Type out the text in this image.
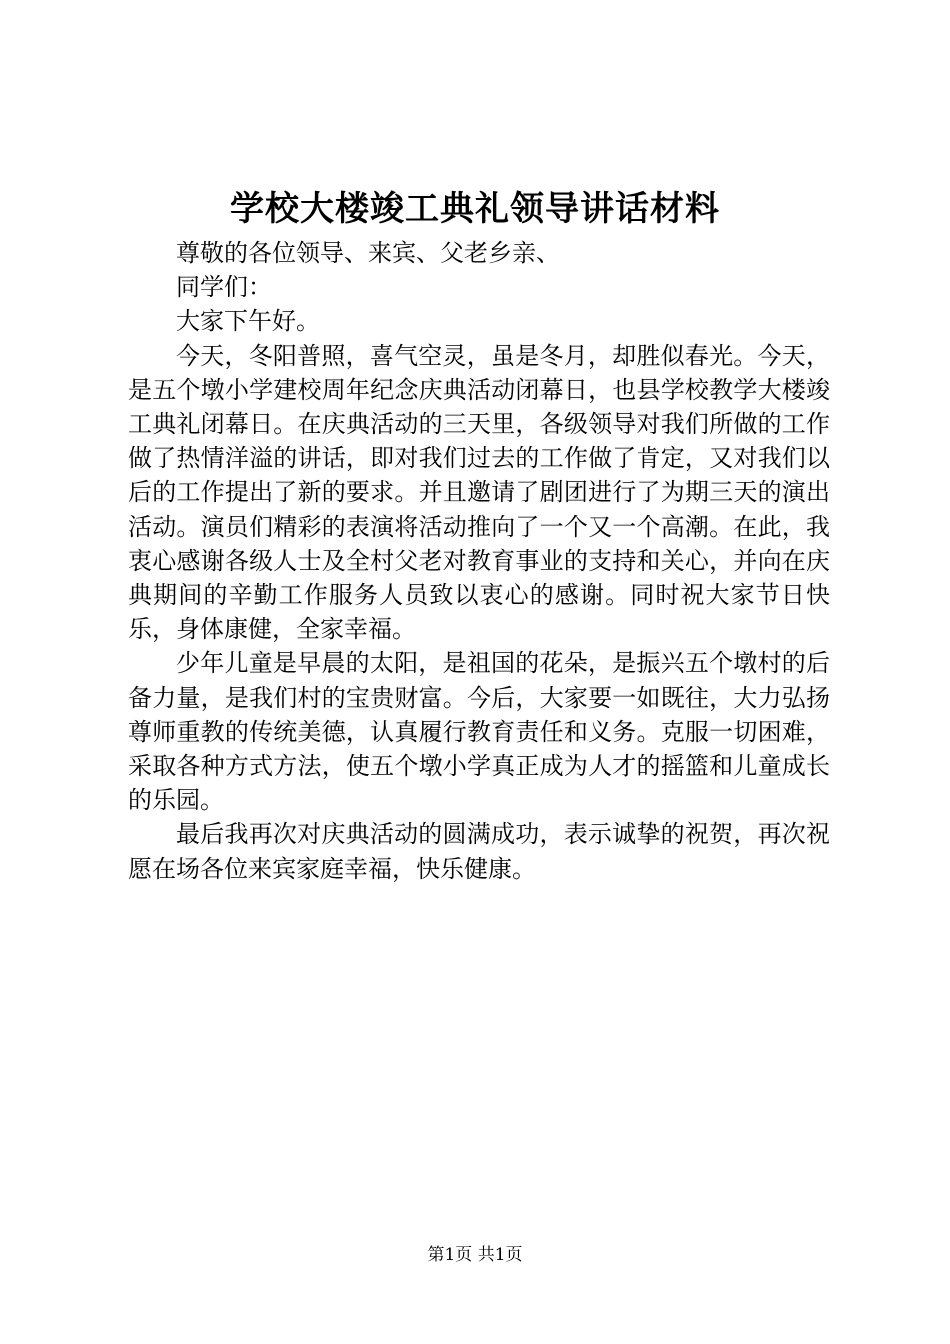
学校大楼竣工典礼领导讲话材料

尊敬的各位领导、来宾、父老乡亲、

同学们：

大家下午好。

今天，冬阳普照，喜气空灵，虽是冬月，却胜似春光。今天，是五个墩小学建校周年纪念庆典活动闭幕日，也县学校教学大楼竣工典礼闭幕日。在庆典活动的三天里，各级领导对我们所做的工作做了热情洋溢的讲话，即对我们过去的工作做了肯定，又对我们以后的工作提出了新的要求。并且邀请了剧团进行了为期三天的演出活动。演员们精彩的表演将活动推向了一个又一个高潮。在此，我衷心感谢各级人士及全村父老对教育事业的支持和关心，并向在庆典期间的辛勤工作服务人员致以衷心的感谢。同时祝大家节日快乐，身体康健，全家幸福。

少年儿童是早晨的太阳，是祖国的花朵，是振兴五个墩村的后备力量，是我们村的宝贵财富。今后，大家要一如既往，大力弘扬尊师重教的传统美德，认真履行教育责任和义务。克服一切困难，采取各种方式方法，使五个墩小学真正成为人才的摇篮和儿童成长的乐园。

最后我再次对庆典活动的圆满成功，表示诚挚的祝贺，再次祝愿在场各位来宾家庭幸福，快乐健康。

第1页 共1页
